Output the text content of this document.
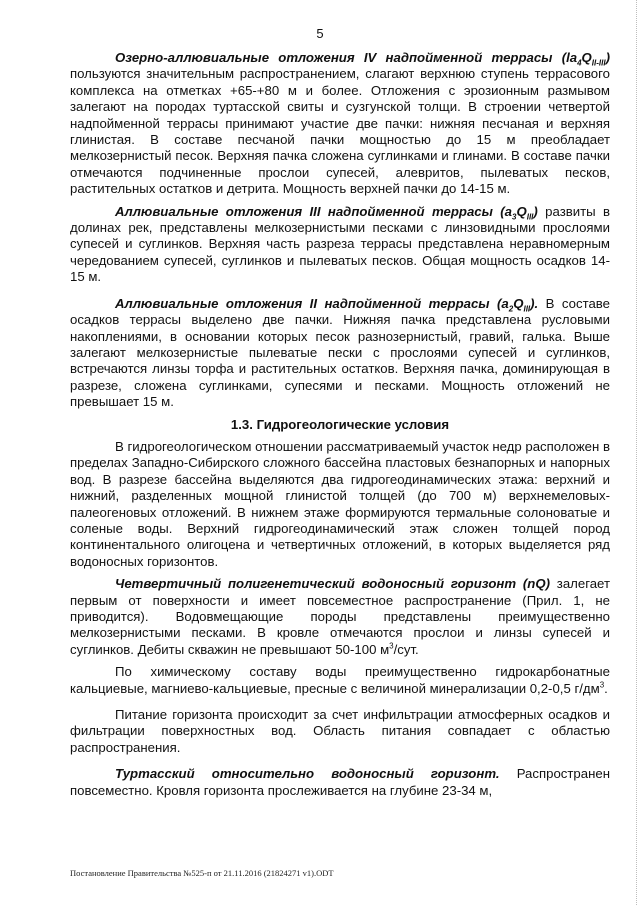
5

Озерно-аллювиальные отложения IV надпойменной террасы $(la_4Q_{II-III})$ пользуются значительным распространением, слагают верхнюю ступень террасового комплекса на отметках +65-+80 м и более. Отложения с эрозионным размывом залегают на породах туртасской свиты и сузгунской толщи. В строении четвертой надпойменной террасы принимают участие две пачки: нижняя песчаная и верхняя глинистая. В составе песчаной пачки мощностью до 15 м преобладает мелкозернистый песок. Верхняя пачка сложена суглинками и глинами. В составе пачки отмечаются подчиненные прослои супесей, алевритов, пылеватых песков, растительных остатков и детрита. Мощность верхней пачки до 14-15 м.

Аллювиальные отложения III надпойменной террасы $(a_3Q_{III})$ развиты в долинах рек, представлены мелкозернистыми песками с линзовидными прослоями супесей и суглинков. Верхняя часть разреза террасы представлена неравномерным чередованием супесей, суглинков и пылеватых песков. Общая мощность осадков 14-15 м.

Аллювиальные отложения II надпойменной террасы $(a_2Q_{III})$. В составе осадков террасы выделено две пачки. Нижняя пачка представлена русловыми накоплениями, в основании которых песок разнозернистый, гравий, галька. Выше залегают мелкозернистые пылеватые пески с прослоями супесей и суглинков, встречаются линзы торфа и растительных остатков. Верхняя пачка, доминирующая в разрезе, сложена суглинками, супесями и песками. Мощность отложений не превышает 15 м.

1.3. Гидрогеологические условия

В гидрогеологическом отношении рассматриваемый участок недр расположен в пределах Западно-Сибирского сложного бассейна пластовых безнапорных и напорных вод. В разрезе бассейна выделяются два гидрогеодинамических этажа: верхний и нижний, разделенных мощной глинистой толщей (до 700 м) верхнемеловых-палеогеновых отложений. В нижнем этаже формируются термальные солоноватые и соленые воды. Верхний гидрогеодинамический этаж сложен толщей пород континентального олигоцена и четвертичных отложений, в которых выделяется ряд водоносных горизонтов.

Четвертичный полигенетический водоносный горизонт (nQ) залегает первым от поверхности и имеет повсеместное распространение (Прил. 1, не приводится). Водовмещающие породы представлены преимущественно мелкозернистыми песками. В кровле отмечаются прослои и линзы супесей и суглинков. Дебиты скважин не превышают 50-100 $м^3$/сут.

По химическому составу воды преимущественно гидрокарбонатные кальциевые, магниево-кальциевые, пресные с величиной минерализации 0,2-0,5 $г/дм^3$.

Питание горизонта происходит за счет инфильтрации атмосферных осадков и фильтрации поверхностных вод. Область питания совпадает с областью распространения.

Туртасский относительно водоносный горизонт. Распространен повсеместно. Кровля горизонта прослеживается на глубине 23-34 м,

Постановление Правительства №525-п от 21.11.2016 (21824271 v1).ODT
